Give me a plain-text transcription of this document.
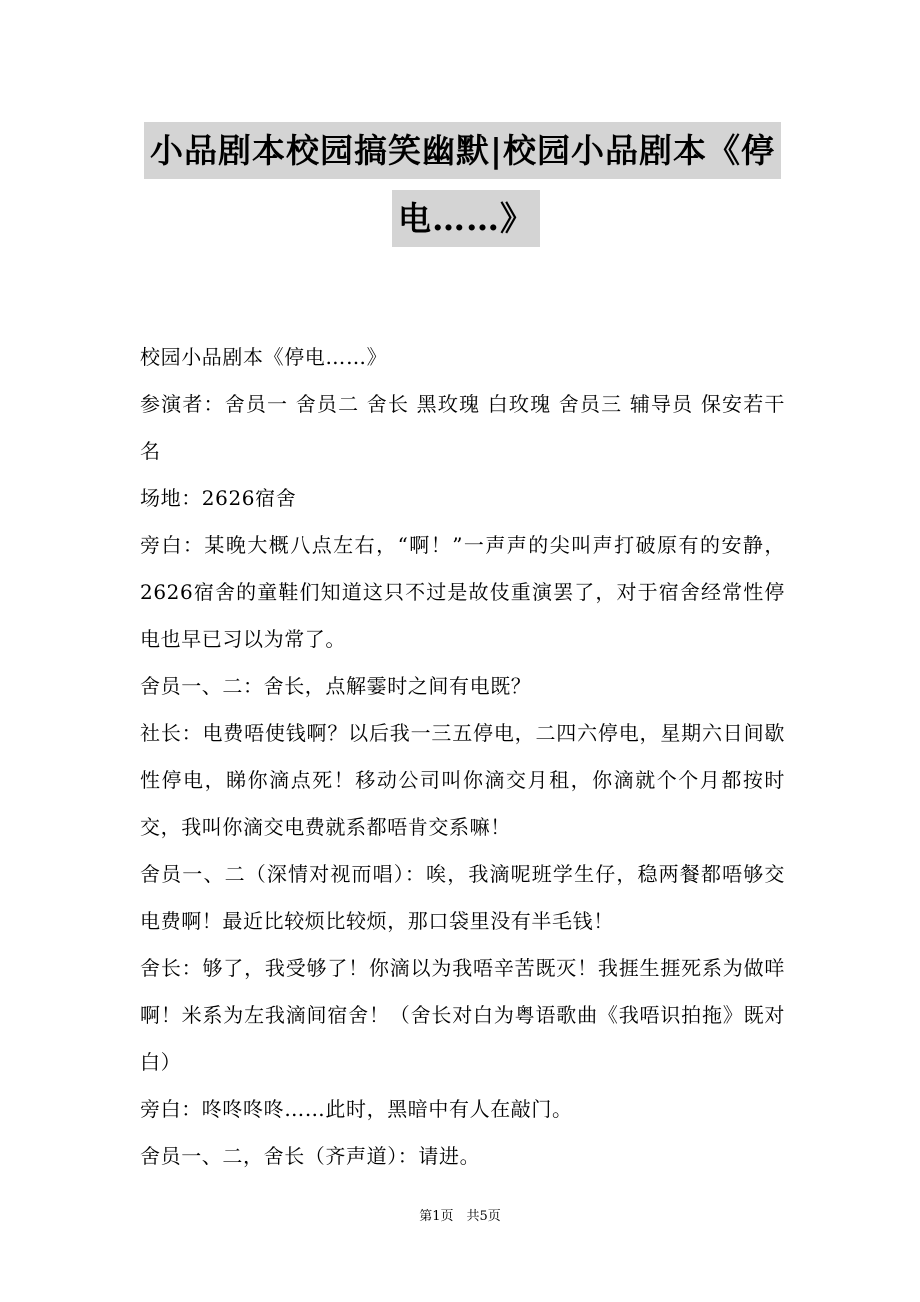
小品剧本校园搞笑幽默|校园小品剧本《停
电……》

校园小品剧本《停电……》

参演者：舍员一 舍员二 舍长 黑玫瑰 白玫瑰 舍员三 辅导员 保安若干名

场地：2626宿舍

旁白：某晚大概八点左右，“啊！”一声声的尖叫声打破原有的安静，2626宿舍的童鞋们知道这只不过是故伎重演罢了，对于宿舍经常性停电也早已习以为常了。

舍员一、二：舍长，点解霎时之间有电既？

社长：电费唔使钱啊？以后我一三五停电，二四六停电，星期六日间歇性停电，睇你滴点死！移动公司叫你滴交月租，你滴就个个月都按时交，我叫你滴交电费就系都唔肯交系嘛！

舍员一、二（深情对视而唱）：唉，我滴呢班学生仔，稳两餐都唔够交电费啊！最近比较烦比较烦，那口袋里没有半毛钱！

舍长：够了，我受够了！你滴以为我唔辛苦既灭！我捱生捱死系为做咩啊！米系为左我滴间宿舍！（舍长对白为粤语歌曲《我唔识拍拖》既对白）

旁白：咚咚咚咚……此时，黑暗中有人在敲门。

舍员一、二，舍长（齐声道）：请进。

第1页　共5页
